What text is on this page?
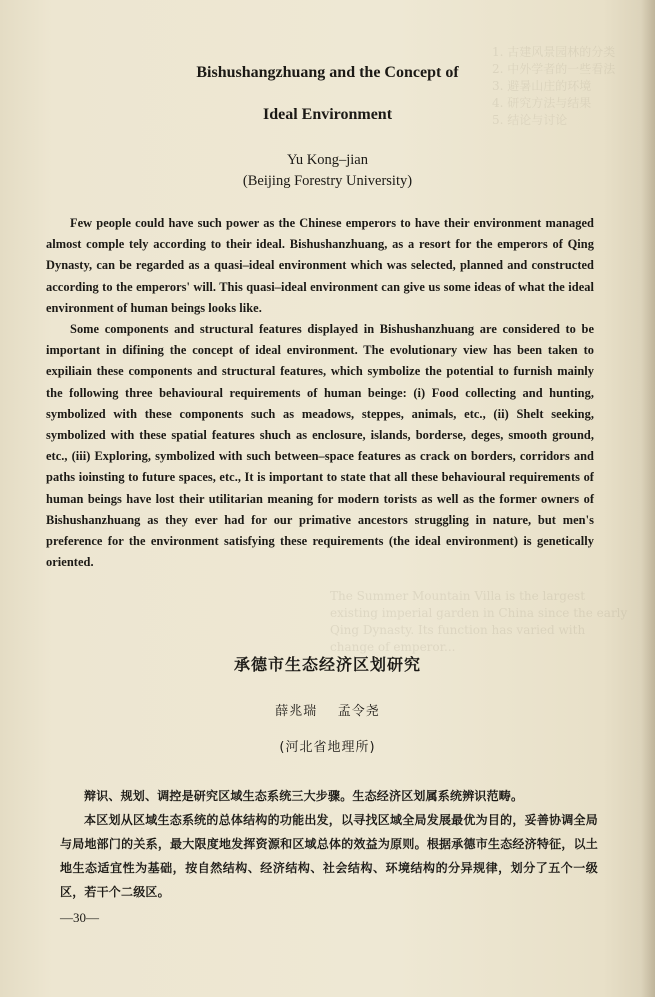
1. 古建风景园林的分类
2. 中外学者的一些看法
3. 避暑山庄的环境
4. 研究方法与结果
5. 结论与讨论
The Summer Mountain Villa is the largest existing imperial garden in China since the early Qing Dynasty. Its function has varied with change of emperor...
Bishushangzhuang and the Concept of
Ideal Environment
Yu Kong–jian
(Beijing Forestry University)
Few people could have such power as the Chinese emperors to have their environment managed almost comple tely according to their ideal. Bishushanzhuang, as a resort for the emperors of Qing Dynasty, can be regarded as a quasi–ideal environment which was selected, planned and constructed according to the emperors' will. This quasi–ideal environment can give us some ideas of what the ideal environment of human beings looks like.
Some components and structural features displayed in Bishushanzhuang are considered to be important in difining the concept of ideal environment. The evolutionary view has been taken to expiliain these components and structural features, which symbolize the potential to furnish mainly the following three behavioural requirements of human beinge: (i) Food collecting and hunting, symbolized with these components such as meadows, steppes, animals, etc., (ii) Shelt seeking, symbolized with these spatial features shuch as enclosure, islands, borderse, deges, smooth ground, etc., (iii) Exploring, symbolized with such between–space features as crack on borders, corridors and paths ioinsting to future spaces, etc., It is important to state that all these behavioural requirements of human beings have lost their utilitarian meaning for modern torists as well as the former owners of Bishushanzhuang as they ever had for our primative ancestors struggling in nature, but men's preference for the environment satisfying these requirements (the ideal environment) is genetically oriented.
承德市生态经济区划研究
薛兆瑞    孟令尧
(河北省地理所)
辩识、规划、调控是研究区域生态系统三大步骤。生态经济区划属系统辨识范畴。
本区划从区域生态系统的总体结构的功能出发，以寻找区域全局发展最优为目的，妥善协调全局与局地部门的关系，最大限度地发挥资源和区域总体的效益为原则。根据承德市生态经济特征，以土地生态适宜性为基础，按自然结构、经济结构、社会结构、环境结构的分异规律，划分了五个一级区，若干个二级区。
—30—
